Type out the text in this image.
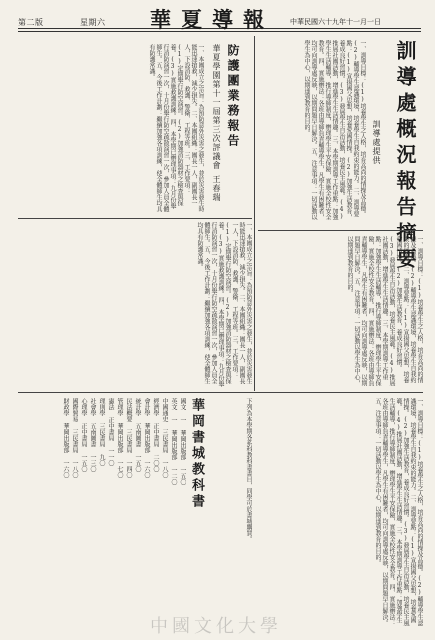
華夏導報
第二版	星期六	中華民國六十九年十一月一日
訓導處概況報告摘要
訓導處提供
一、訓導目標：(1)培養學生之人格，培育高尚的情操及品德。(2)輔導學生認識環境，培養學生自我約束的能力。二、訓導要點：(1)宣揚國父思想，培養愛國情操。(2)加強生活教育，養成良好習慣。(3)發展學生自治活動，培養民主風範。(4)推展社團活動，增進學生生活情趣。三、本學期訓導工作重點：加強學生生活輔導，推行導師制度，辦理學生平安保險，實施全校性安全教育。四、實施辦法：各班由導師負責輔導學生，凡學生有困難者，均可向訓導處反映，以期問題早日解決。五、注意事項：一切活動以學生為中心，以期達到教育的目的。
一、訓導目標：(1)培養學生之人格，培育高尚的情操及品德。(2)輔導學生認識環境，培養學生自我約束的能力。二、訓導要點：(1)宣揚國父思想，培養愛國情操。(2)加強生活教育，養成良好習慣。(3)發展學生自治活動，培養民主風範。(4)推展社團活動，增進學生生活情趣。三、本學期訓導工作重點：加強學生生活輔導，推行導師制度，辦理學生平安保險，實施全校性安全教育。四、實施辦法：各班由導師負責輔導學生，凡學生有困難者，均可向訓導處反映，以期問題早日解決。五、注意事項：一切活動以學生為中心，以期達到教育的目的。
防護團業務報告
華夏學園第十一屆第三次評議會
王春瑞
一、本團成立之宗旨：為預防意外災害之發生，並於災害發生時能迅速搶救，減少損失。二、本團組織：團長一人，副團長一人，下設消防、救護、警衛、工程等班。三、工作要項：(1)定期舉行防空演習。(2)加強消防器材之檢查與保養。(3)實施救護訓練。四、本學期已辦理事項：九月份舉行消防演習一次，十月份舉行防空疏散演習一次，參加人員全體師生。五、今後工作計劃：繼續加強各項訓練，使全體師生均具有防護常識。
一、本團成立之宗旨：為預防意外災害之發生，並於災害發生時能迅速搶救，減少損失。二、本團組織：團長一人，副團長一人，下設消防、救護、警衛、工程等班。三、工作要項：(1)定期舉行防空演習。(2)加強消防器材之檢查與保養。(3)實施救護訓練。四、本學期已辦理事項：九月份舉行消防演習一次，十月份舉行防空疏散演習一次，參加人員全體師生。五、今後工作計劃：繼續加強各項訓練，使全體師生均具有防護常識。
華岡書城教科書	下列為本學期各系科教科書書目，同學可於書城購買。	一、訓導目標：(1)培養學生之人格，培育高尚的情操及品德。(2)輔導學生認識環境，培養學生自我約束的能力。二、訓導要點：(1)宣揚國父思想，培養愛國情操。(2)加強生活教育，養成良好習慣。(3)發展學生自治活動，培養民主風範。(4)推展社團活動，增進學生生活情趣。三、本學期訓導工作重點：加強學生生活輔導，推行導師制度，辦理學生平安保險，實施全校性安全教育。四、實施辦法：各班由導師負責輔導學生，凡學生有困難者，均可向訓導處反映，以期問題早日解決。五、注意事項：一切活動以學生為中心，以期達到教育的目的。
國文 一 華岡出版部 一五〇
英文 一 華岡出版部 一二〇
中國通史 三民書局 一八〇
經濟學 正中書局 二〇〇
會計學 華岡出版部 一六〇
統計學 五南圖書 一五〇
民法概要 三民書局 一四〇
管理學 華岡出版部 一七〇
憲法 正中書局 一一〇
理則學 三民書局 九〇
社會學 五南圖書 一三〇
心理學 正中書局 一五〇
國際貿易 三民書局 一八〇
財政學 華岡出版部 一六〇
中國文化大學
